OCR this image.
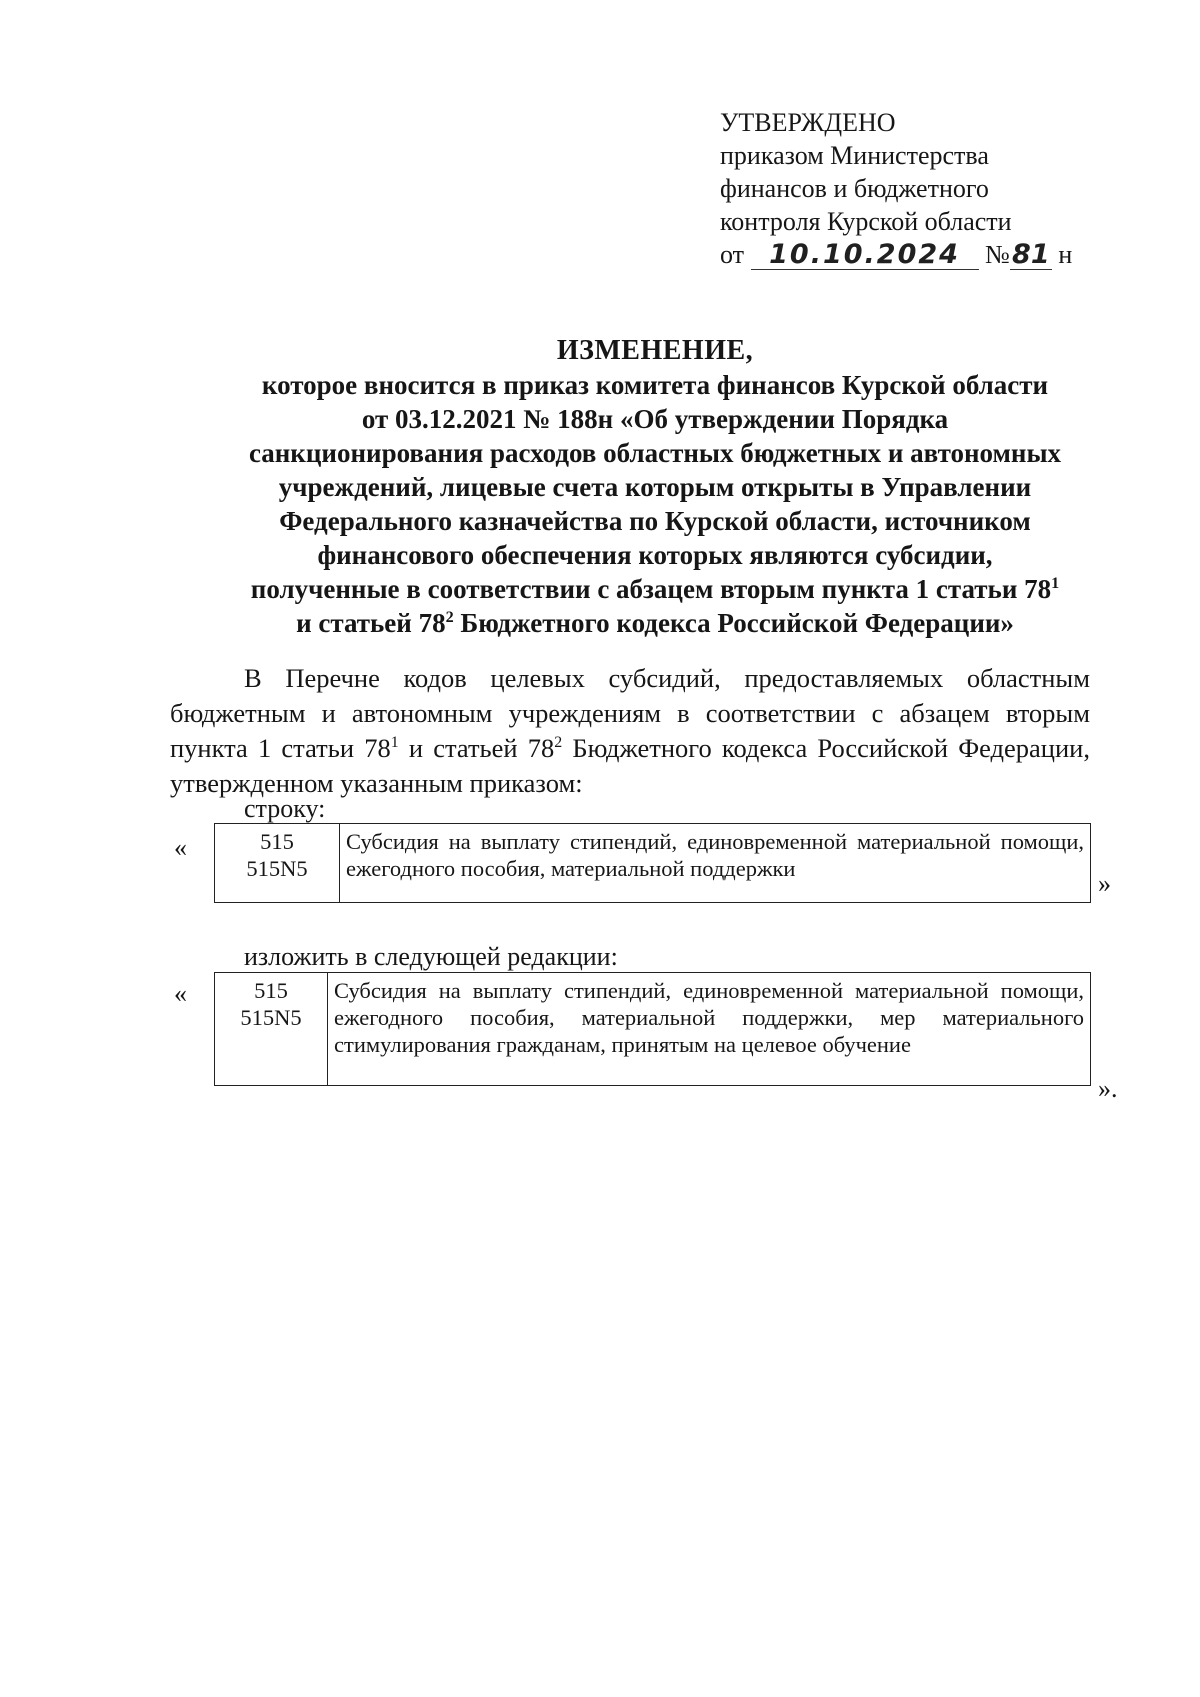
УТВЕРЖДЕНО
приказом Министерства
финансов и бюджетного
контроля Курской области
от 10.10.2024 №81 н
ИЗМЕНЕНИЕ,
которое вносится в приказ комитета финансов Курской области
от 03.12.2021 № 188н «Об утверждении Порядка
санкционирования расходов областных бюджетных и автономных
учреждений, лицевые счета которым открыты в Управлении
Федерального казначейства по Курской области, источником
финансового обеспечения которых являются субсидии,
полученные в соответствии с абзацем вторым пункта 1 статьи $78^1$
и статьей $78^2$ Бюджетного кодекса Российской Федерации»
В Перечне кодов целевых субсидий, предоставляемых областным бюджетным и автономным учреждениям в соответствии с абзацем вторым пункта 1 статьи $78^1$ и статьей $78^2$ Бюджетного кодекса Российской Федерации, утвержденном указанным приказом:
строку:
«	515
515N5
	Субсидия на выплату стипендий, единовременной материальной помощи, ежегодного пособия, материальной поддержки
»
изложить в следующей редакции:
«	515
515N5
	Субсидия на выплату стипендий, единовременной материальной помощи, ежегодного пособия, материальной поддержки, мер материального стимулирования гражданам, принятым на целевое обучение
».
